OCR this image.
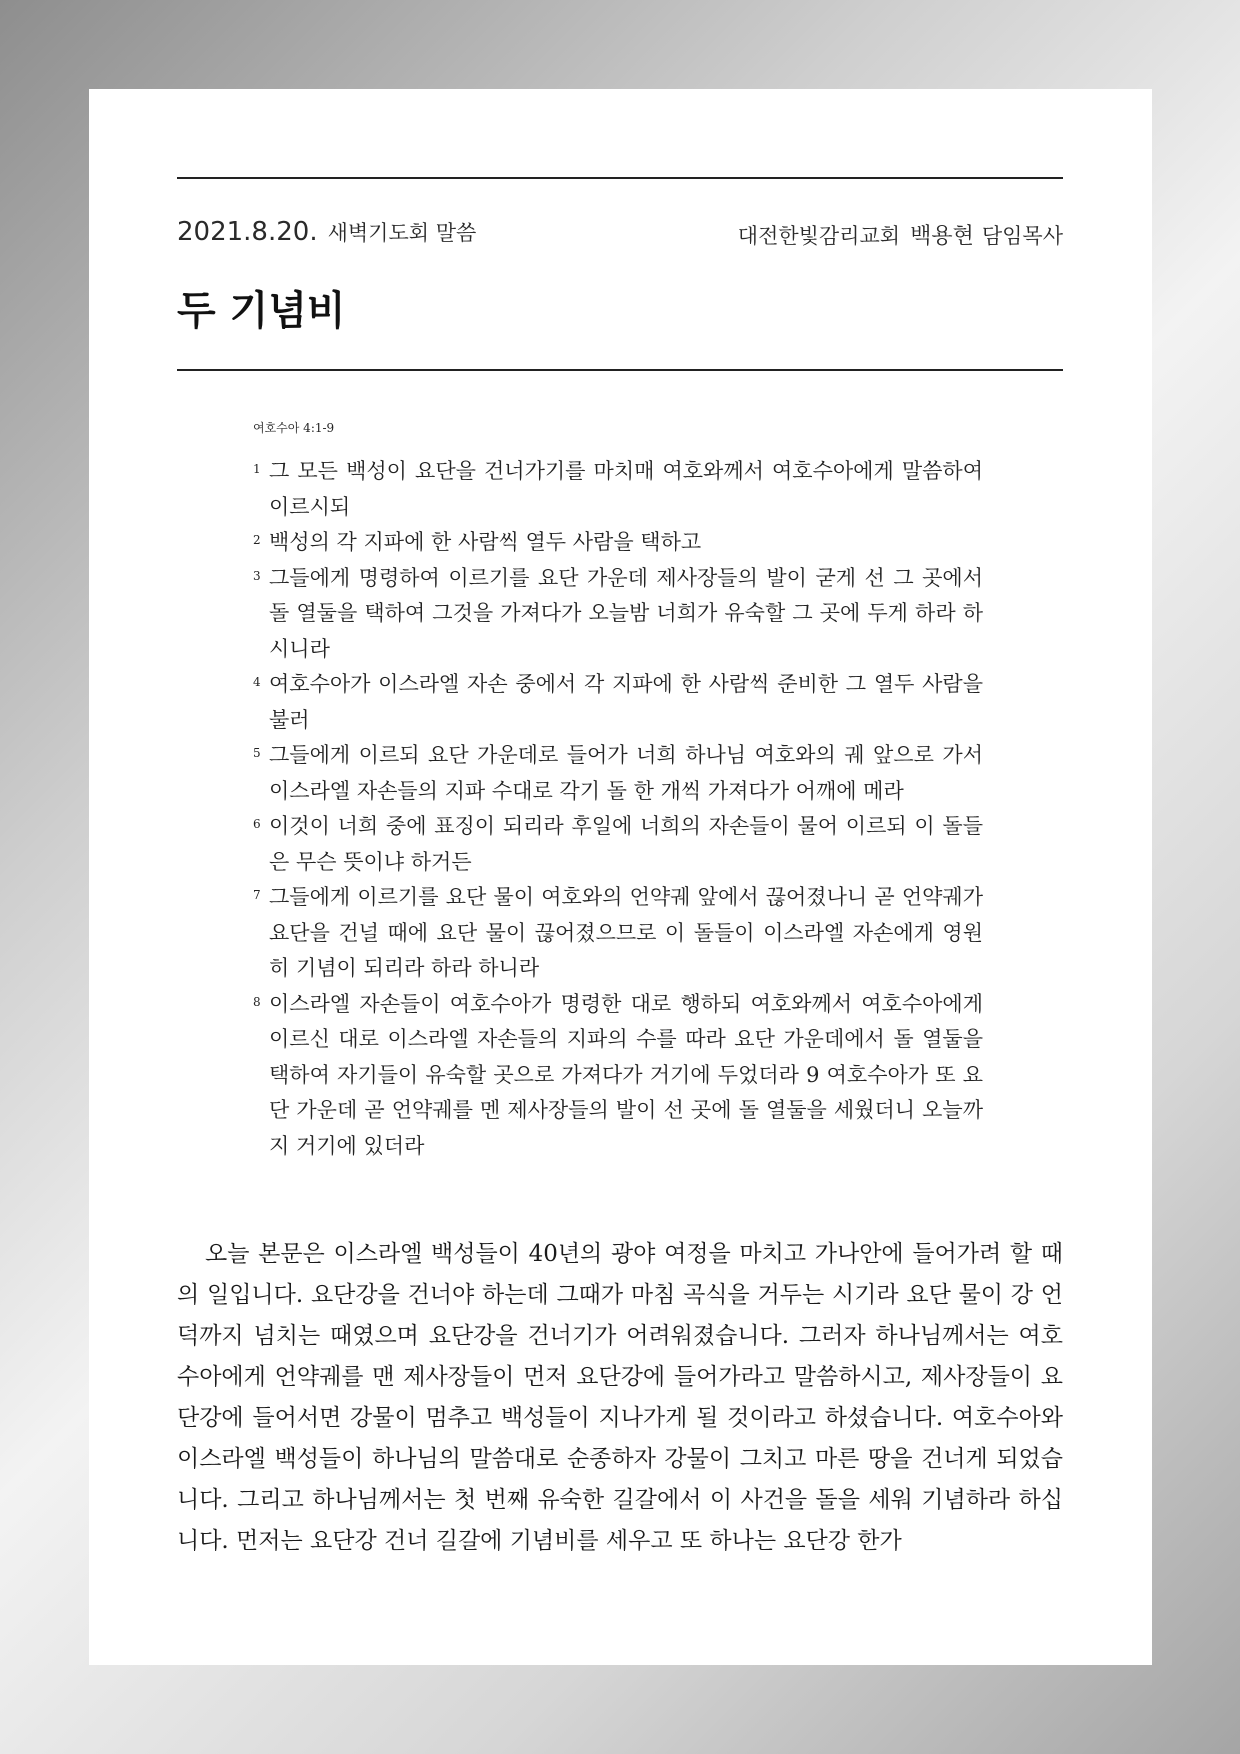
2021.8.20. 새벽기도회 말씀	대전한빛감리교회 백용현 담임목사
두 기념비
여호수아 4:1-9
1 그 모든 백성이 요단을 건너가기를 마치매 여호와께서 여호수아에게 말씀하여 이르시되
2 백성의 각 지파에 한 사람씩 열두 사람을 택하고
3 그들에게 명령하여 이르기를 요단 가운데 제사장들의 발이 굳게 선 그 곳에서 돌 열둘을 택하여 그것을 가져다가 오늘밤 너희가 유숙할 그 곳에 두게 하라 하시니라
4 여호수아가 이스라엘 자손 중에서 각 지파에 한 사람씩 준비한 그 열두 사람을 불러
5 그들에게 이르되 요단 가운데로 들어가 너희 하나님 여호와의 궤 앞으로 가서 이스라엘 자손들의 지파 수대로 각기 돌 한 개씩 가져다가 어깨에 메라
6 이것이 너희 중에 표징이 되리라 후일에 너희의 자손들이 물어 이르되 이 돌들은 무슨 뜻이냐 하거든
7 그들에게 이르기를 요단 물이 여호와의 언약궤 앞에서 끊어졌나니 곧 언약궤가 요단을 건널 때에 요단 물이 끊어졌으므로 이 돌들이 이스라엘 자손에게 영원히 기념이 되리라 하라 하니라
8 이스라엘 자손들이 여호수아가 명령한 대로 행하되 여호와께서 여호수아에게 이르신 대로 이스라엘 자손들의 지파의 수를 따라 요단 가운데에서 돌 열둘을 택하여 자기들이 유숙할 곳으로 가져다가 거기에 두었더라 9 여호수아가 또 요단 가운데 곧 언약궤를 멘 제사장들의 발이 선 곳에 돌 열둘을 세웠더니 오늘까지 거기에 있더라

오늘 본문은 이스라엘 백성들이 40년의 광야 여정을 마치고 가나안에 들어가려 할 때의 일입니다. 요단강을 건너야 하는데 그때가 마침 곡식을 거두는 시기라 요단 물이 강 언덕까지 넘치는 때였으며 요단강을 건너기가 어려워졌습니다. 그러자 하나님께서는 여호수아에게 언약궤를 맨 제사장들이 먼저 요단강에 들어가라고 말씀하시고, 제사장들이 요단강에 들어서면 강물이 멈추고 백성들이 지나가게 될 것이라고 하셨습니다. 여호수아와 이스라엘 백성들이 하나님의 말씀대로 순종하자 강물이 그치고 마른 땅을 건너게 되었습니다. 그리고 하나님께서는 첫 번째 유숙한 길갈에서 이 사건을 돌을 세워 기념하라 하십니다. 먼저는 요단강 건너 길갈에 기념비를 세우고 또 하나는 요단강 한가
